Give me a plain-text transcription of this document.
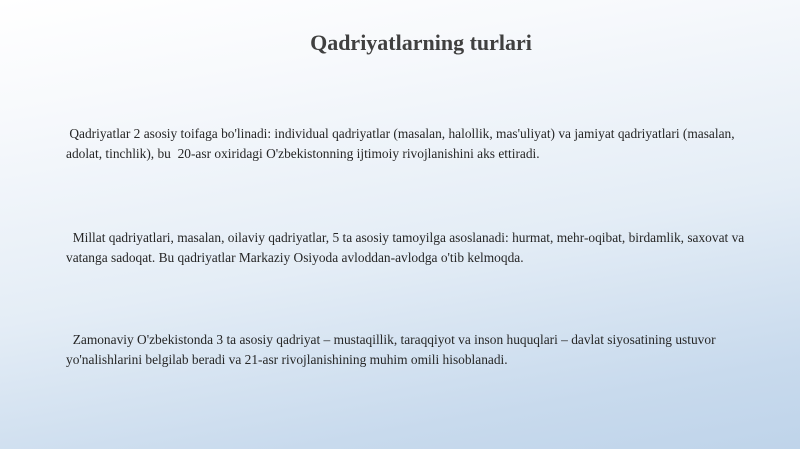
Qadriyatlarning turlari

Qadriyatlar 2 asosiy toifaga bo'linadi: individual qadriyatlar (masalan, halollik, mas'uliyat) va jamiyat qadriyatlari (masalan, adolat, tinchlik), bu  20-asr oxiridagi O'zbekistonning ijtimoiy rivojlanishini aks ettiradi.

Millat qadriyatlari, masalan, oilaviy qadriyatlar, 5 ta asosiy tamoyilga asoslanadi: hurmat, mehr-oqibat, birdamlik, saxovat va  vatanga sadoqat. Bu qadriyatlar Markaziy Osiyoda avloddan-avlodga o'tib kelmoqda.

Zamonaviy O'zbekistonda 3 ta asosiy qadriyat – mustaqillik, taraqqiyot va inson huquqlari – davlat siyosatining ustuvor yo'nalishlarini belgilab beradi va 21-asr rivojlanishining muhim omili hisoblanadi.
